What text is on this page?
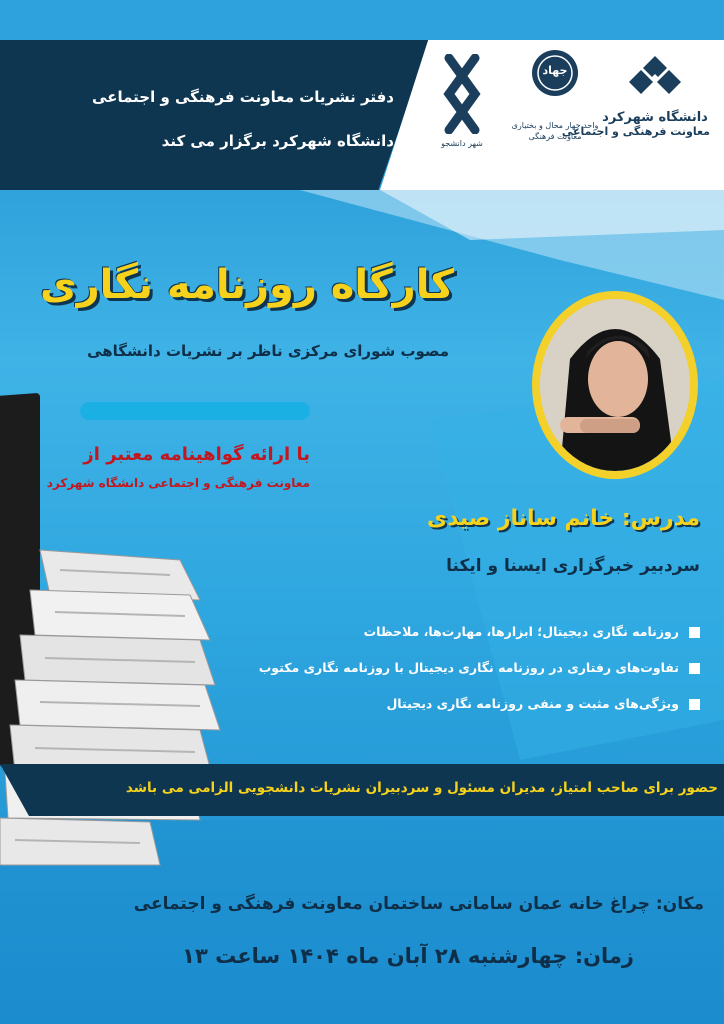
دفتر نشریات معاونت فرهنگی و اجتماعی
دانشگاه شهرکرد برگزار می کند	شهر دانشجو
جهاد
واحد چهار محال و بختیاری
معاونت فرهنگی
دانشگاه شهرکرد
معاونت فرهنگی و اجتماعی
کارگاه روزنامه نگاری
مصوب شورای مرکزی ناظر بر نشریات دانشگاهی
با ارائه گواهینامه معتبر از
معاونت فرهنگی و اجتماعی دانشگاه شهرکرد
مدرس: خانم ساناز صیدی
سردبیر خبرگزاری ایسنا و ایکنا
روزنامه نگاری دیجیتال؛ ابزارها، مهارت‌ها، ملاحظات
تفاوت‌های رفتاری در روزنامه نگاری دیجیتال با روزنامه نگاری مکتوب
ویژگی‌های مثبت و منفی روزنامه نگاری دیجیتال
حضور برای صاحب امتیاز، مدیران مسئول و سردبیران نشریات دانشجویی الزامی می باشد
مکان: چراغ خانه عمان سامانی ساختمان معاونت فرهنگی و اجتماعی
زمان: چهارشنبه ۲۸ آبان ماه ۱۴۰۴ ساعت ۱۳
